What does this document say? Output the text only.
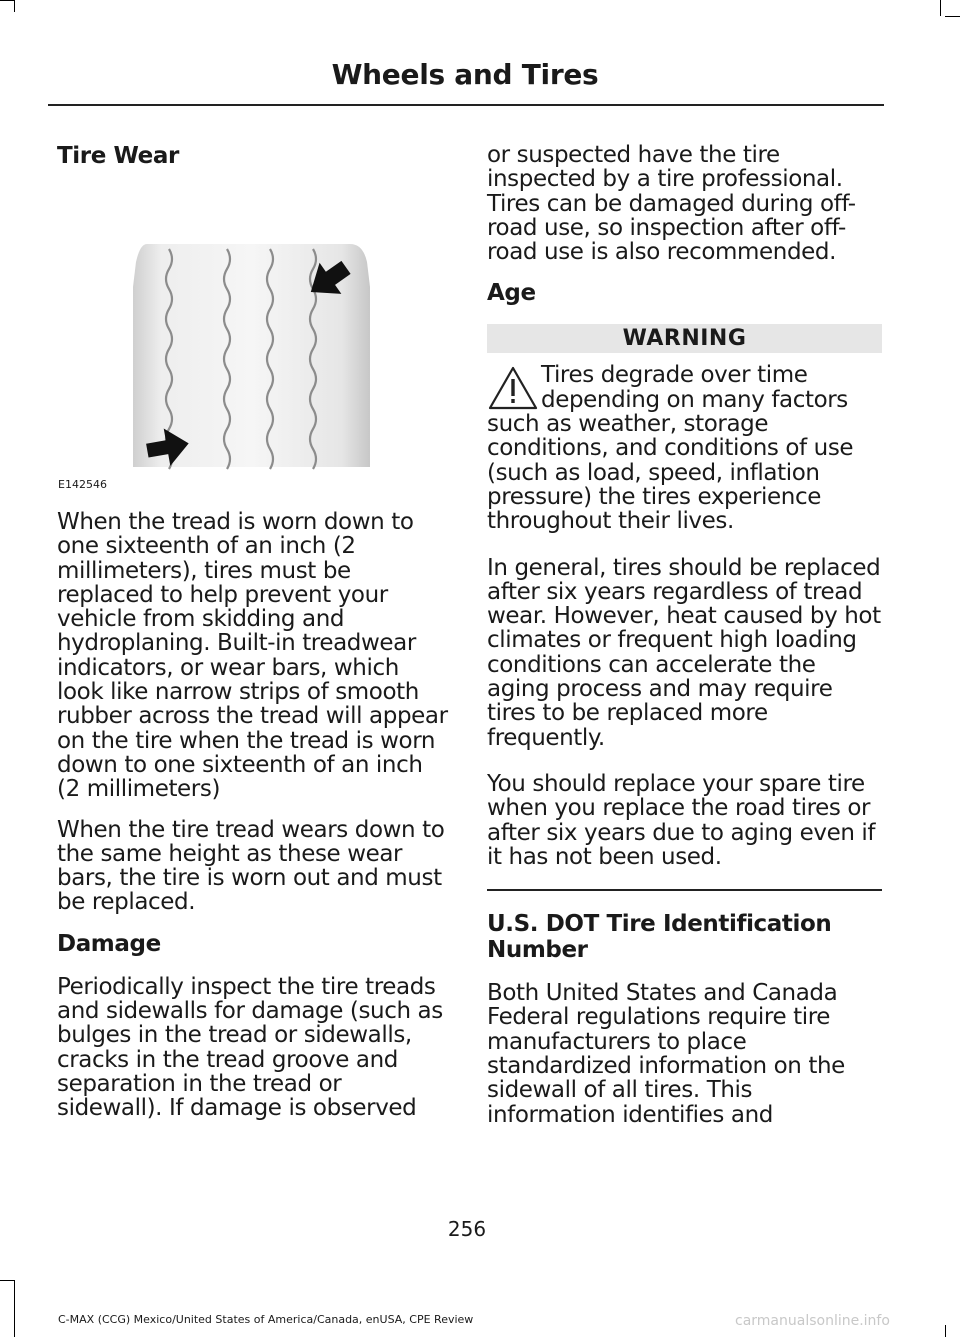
Wheels and Tires
Tire Wear
E142546

When the tread is worn down to one sixteenth of an inch (2 millimeters), tires must be replaced to help prevent your vehicle from skidding and hydroplaning. Built-in treadwear indicators, or wear bars, which look like narrow strips of smooth rubber across the tread will appear on the tire when the tread is worn down to one sixteenth of an inch (2 millimeters)

When the tire tread wears down to the same height as these wear bars, the tire is worn out and must be replaced.

Damage

Periodically inspect the tire treads and sidewalls for damage (such as bulges in the tread or sidewalls, cracks in the tread groove and separation in the tread or sidewall). If damage is observed

or suspected have the tire inspected by a tire professional. Tires can be damaged during off-road use, so inspection after off-road use is also recommended.

Age
WARNING

Tires degrade over time depending on many factors such as weather, storage conditions, and conditions of use (such as load, speed, inflation pressure) the tires experience throughout their lives.

In general, tires should be replaced after six years regardless of tread wear. However, heat caused by hot climates or frequent high loading conditions can accelerate the aging process and may require tires to be replaced more frequently.

You should replace your spare tire when you replace the road tires or after six years due to aging even if it has not been used.

U.S. DOT Tire Identification Number

Both United States and Canada Federal regulations require tire manufacturers to place standardized information on the sidewall of all tires. This information identifies and

256
C-MAX (CCG) Mexico/United States of America/Canada, enUSA, CPE Review	carmanualsonline.info
